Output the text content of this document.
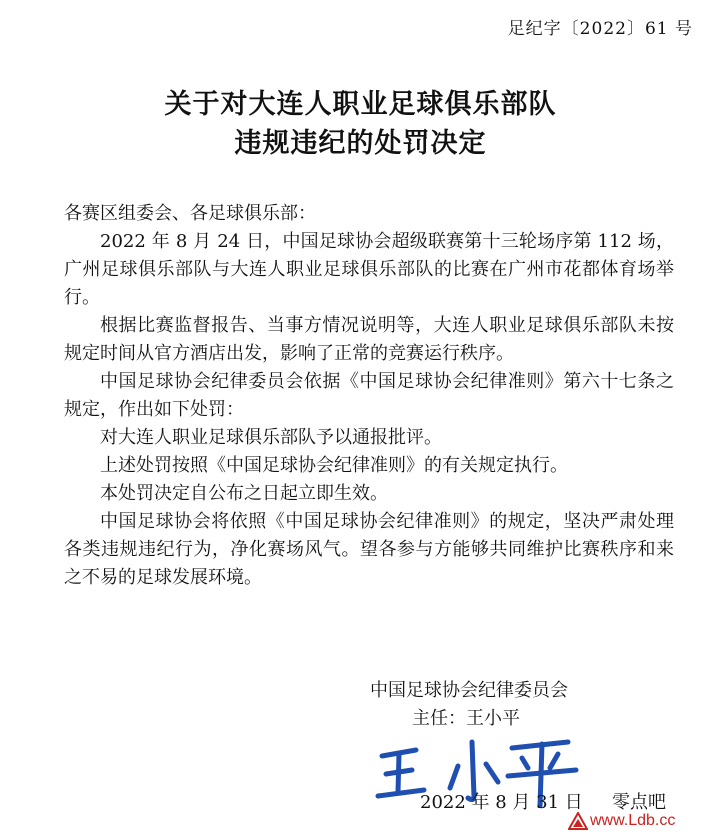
足纪字〔2022〕61 号
关于对大连人职业足球俱乐部队
违规违纪的处罚决定

各赛区组委会、各足球俱乐部：

2022 年 8 月 24 日，中国足球协会超级联赛第十三轮场序第 112 场，广州足球俱乐部队与大连人职业足球俱乐部队的比赛在广州市花都体育场举行。

根据比赛监督报告、当事方情况说明等，大连人职业足球俱乐部队未按规定时间从官方酒店出发，影响了正常的竞赛运行秩序。

中国足球协会纪律委员会依据《中国足球协会纪律准则》第六十七条之规定，作出如下处罚：

对大连人职业足球俱乐部队予以通报批评。

上述处罚按照《中国足球协会纪律准则》的有关规定执行。

本处罚决定自公布之日起立即生效。

中国足球协会将依照《中国足球协会纪律准则》的规定，坚决严肃处理各类违规违纪行为，净化赛场风气。望各参与方能够共同维护比赛秩序和来之不易的足球发展环境。

中国足球协会纪律委员会
主任：王小平
2022 年 8 月 31 日 零点吧
www.Ldb.cc
